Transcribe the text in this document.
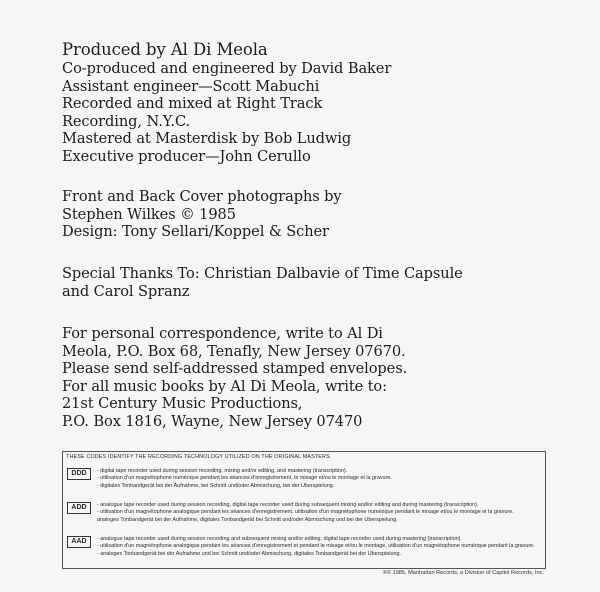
Produced by Al Di Meola
Co-produced and engineered by David Baker
Assistant engineer—Scott Mabuchi
Recorded and mixed at Right Track
Recording, N.Y.C.
Mastered at Masterdisk by Bob Ludwig
Executive producer—John Cerullo
Front and Back Cover photographs by
Stephen Wilkes © 1985
Design: Tony Sellari/Koppel & Scher
Special Thanks To: Christian Dalbavie of Time Capsule
and Carol Spranz
For personal correspondence, write to Al Di
Meola, P.O. Box 68, Tenafly, New Jersey 07670.
Please send self-addressed stamped envelopes.
For all music books by Al Di Meola, write to:
21st Century Music Productions,
P.O. Box 1816, Wayne, New Jersey 07470
THESE CODES IDENTIFY THE RECORDING TECHNOLOGY UTILIZED ON THE ORIGINAL MASTERS.
DDD	- digital tape recorder used during session recording, mixing and/or editing, and mastering (transcription).
- utilisation d'un magnétophone numérique pendant les séances d'enregistrement, le mixage et/ou le montage et la gravure.
- digitales Tonbandgerät bei der Aufnahme, bei Schnitt und/oder Abmischung, bei der Überspielung.
ADD	- analogue tape recorder used during session recording, digital tape recorder used during subsequent mixing and/or editing and during mastering (transcription).
- utilisation d'un magnétophone analogique pendant les séances d'enregistrement, utilisation d'un magnétophone numérique pendant le mixage et/ou le montage et la gravure.
analoges Tonbandgerät bei der Aufnahme, digitales Tonbandgerät bei Schnitt und/oder Abmischung und bei der Überspielung.
AAD	- analogue tape recorder used during session recording and subsequent mixing and/or editing, digital tape recorder used during mastering (transcription).
- utilisation d'un magnétophone analogique pendant les séances d'enregistrement et pendant le mixage et/ou le montage, utilisation d'un magnétophone numérique pendant la gravure.
- analoges Tonbandgerät bei der Aufnahme und bei Schnitt und/oder Abmischung, digitales Tonbandgerät bei der Überspielung.
℗© 1985, Manhattan Records, a Division of Capitol Records, Inc.
